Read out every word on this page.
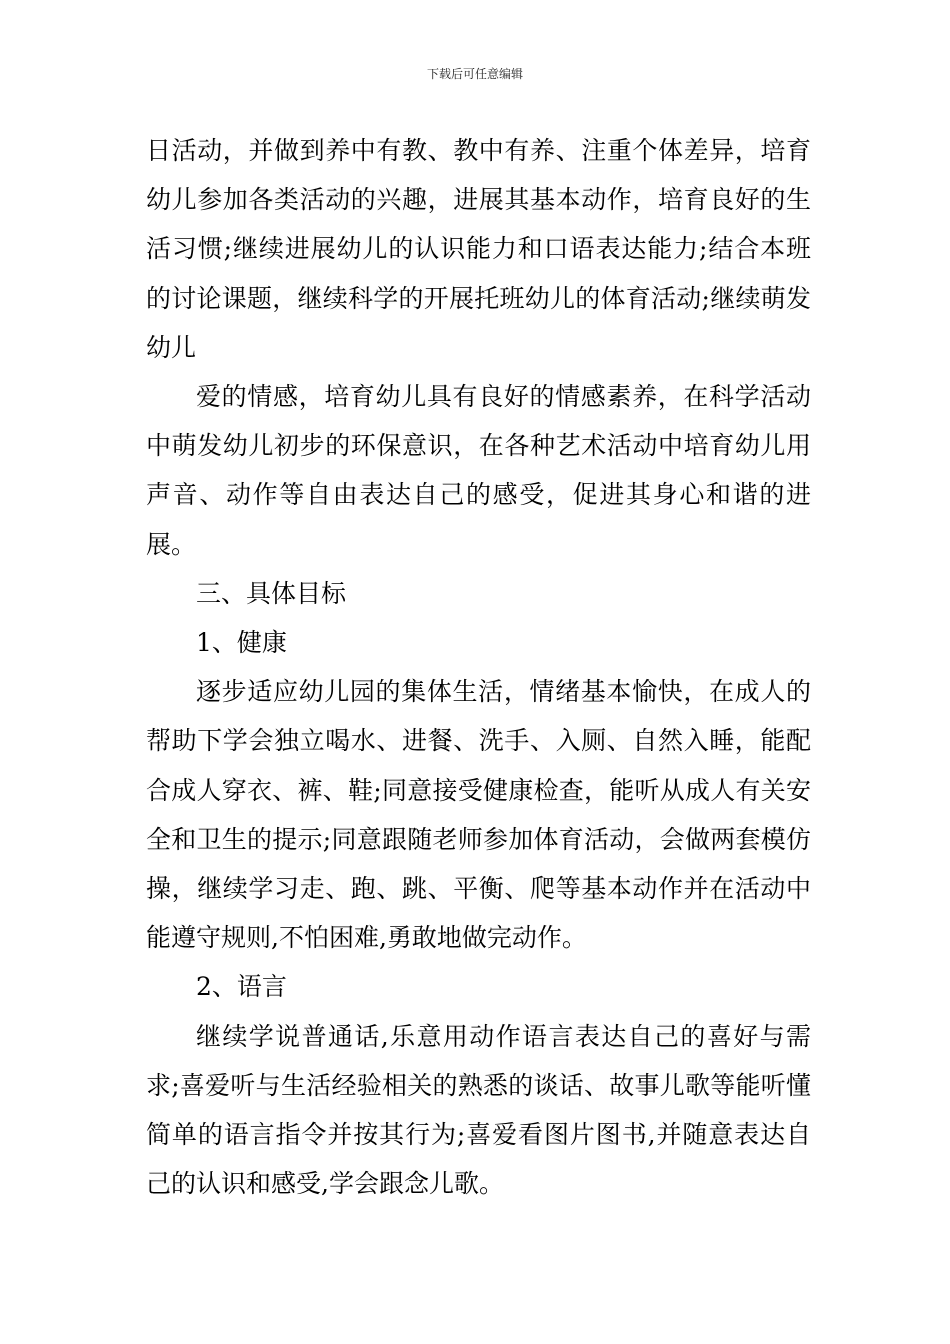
下载后可任意编辑

日活动，并做到养中有教、教中有养、注重个体差异，培育幼儿参加各类活动的兴趣，进展其基本动作，培育良好的生活习惯;继续进展幼儿的认识能力和口语表达能力;结合本班的讨论课题，继续科学的开展托班幼儿的体育活动;继续萌发幼儿

爱的情感，培育幼儿具有良好的情感素养，在科学活动中萌发幼儿初步的环保意识，在各种艺术活动中培育幼儿用声音、动作等自由表达自己的感受，促进其身心和谐的进展。

三、具体目标

1、健康

逐步适应幼儿园的集体生活，情绪基本愉快，在成人的帮助下学会独立喝水、进餐、洗手、入厕、自然入睡，能配合成人穿衣、裤、鞋;同意接受健康检查，能听从成人有关安全和卫生的提示;同意跟随老师参加体育活动，会做两套模仿操，继续学习走、跑、跳、平衡、爬等基本动作并在活动中能遵守规则,不怕困难,勇敢地做完动作。

2、语言

继续学说普通话,乐意用动作语言表达自己的喜好与需求;喜爱听与生活经验相关的熟悉的谈话、故事儿歌等能听懂简单的语言指令并按其行为;喜爱看图片图书,并随意表达自己的认识和感受,学会跟念儿歌。
